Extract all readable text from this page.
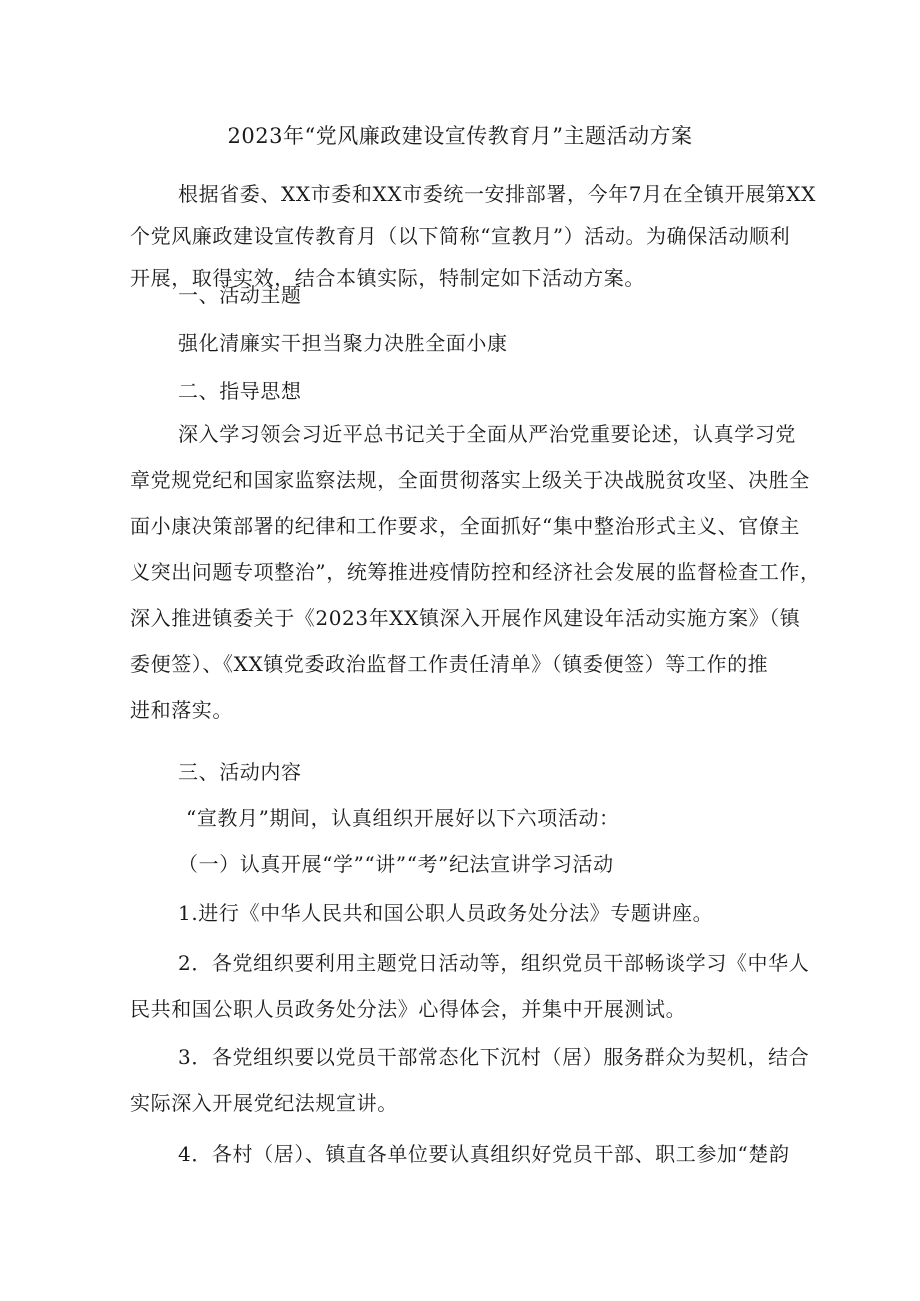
2023年“党风廉政建设宣传教育月”主题活动方案
根据省委、XX市委和XX市委统一安排部署，今年7月在全镇开展第XX
个党风廉政建设宣传教育月（以下简称“宣教月”）活动。为确保活动顺利
开展，取得实效，结合本镇实际，特制定如下活动方案。
一、活动主题
强化清廉实干担当聚力决胜全面小康
二、指导思想
深入学习领会习近平总书记关于全面从严治党重要论述，认真学习党
章党规党纪和国家监察法规，全面贯彻落实上级关于决战脱贫攻坚、决胜全
面小康决策部署的纪律和工作要求，全面抓好“集中整治形式主义、官僚主
义突出问题专项整治”，统筹推进疫情防控和经济社会发展的监督检查工作，
深入推进镇委关于《2023年XX镇深入开展作风建设年活动实施方案》（镇
委便签）、《XX镇党委政治监督工作责任清单》（镇委便签）等工作的推
进和落实。
三、活动内容
“宣教月”期间，认真组织开展好以下六项活动：
（一）认真开展“学”“讲”“考”纪法宣讲学习活动
1.进行《中华人民共和国公职人员政务处分法》专题讲座。
2．各党组织要利用主题党日活动等，组织党员干部畅谈学习《中华人
民共和国公职人员政务处分法》心得体会，并集中开展测试。
3．各党组织要以党员干部常态化下沉村（居）服务群众为契机，结合
实际深入开展党纪法规宣讲。
4．各村（居）、镇直各单位要认真组织好党员干部、职工参加“楚韵
